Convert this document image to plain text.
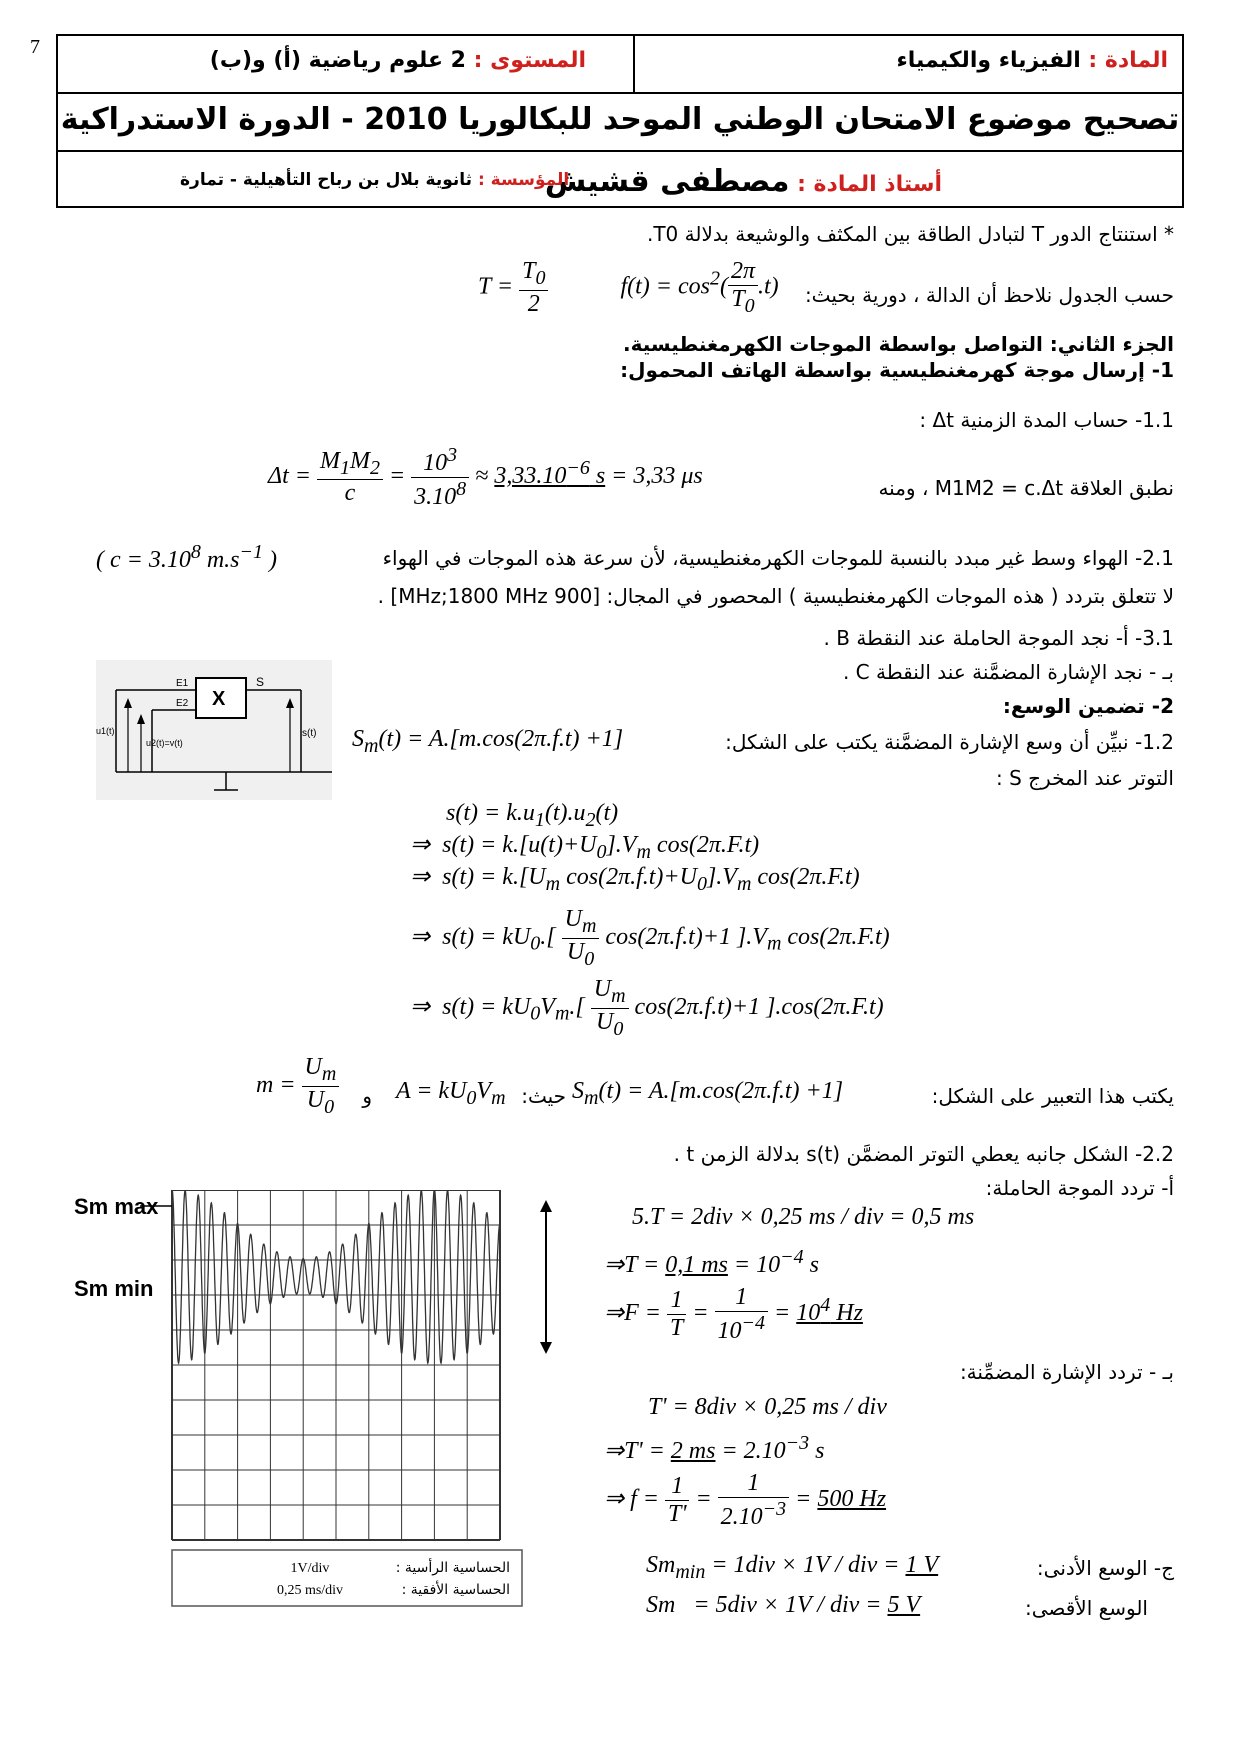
7
المادة : الفيزياء والكيمياء
المستوى : 2 علوم رياضية (أ) و(ب)
تصحيح موضوع الامتحان الوطني الموحد للبكالوريا 2010 - الدورة الاستدراكية
أستاذ المادة : مصطفى قشيش
المؤسسة : ثانوية بلال بن رباح التأهيلية - تمارة
* استنتاج الدور T لتبادل الطاقة بين المكثف والوشيعة بدلالة T0.
حسب الجدول نلاحظ أن الدالة ، دورية بحيث:
$T = \frac{T_0}{2} f(t) = \cos^2( \frac{2\pi}{T_0} .t)$
الجزء الثاني: التواصل بواسطة الموجات الكهرمغنطيسية.
1- إرسال موجة كهرمغنطيسية بواسطة الهاتف المحمول:
1.1- حساب المدة الزمنية Δt :
نطبق العلاقة M1M2 = c.Δt ، ومنه
$\Delta t = \frac{M_1M_2}{c} = \frac{10^3}{3.10^8} \approx 3,33.10^{-6}$ s = 3,33 μs
2.1- الهواء وسط غير مبدد بالنسبة للموجات الكهرمغنطيسية، لأن سرعة هذه الموجات في الهواء
( $c = 3.10^8$ $m.s^{-1}$ )
لا تتعلق بتردد ( هذه الموجات الكهرمغنطيسية ) المحصور في المجال: [900 MHz;1800 MHz] .
3.1- أ- نجد الموجة الحاملة عند النقطة B .
بـ - نجد الإشارة المضمَّنة عند النقطة C .
2- تضمين الوسع:
1.2- نبيِّن أن وسع الإشارة المضمَّنة يكتب على الشكل:
$S_m(t) = A.[m.\cos(2\pi.f.t) +1]$
التوتر عند المخرج S :
E1
E2 X
S
u1(t)
u2(t)=v(t)
s(t)
$s(t) = k.u_1(t).u_2(t)$
⇒  $s(t) = k.[u(t)+U_0].V_m$ cos(2π.F.t)
⇒  $s(t) = k.[U_m$ $\cos(2\pi.f.t)+U_0].V_m$ cos(2π.F.t)
⇒  $s(t) = kU_0.[ \frac{U_m}{U_0} \cos(2\pi.f.t)+1$ ]$.V_m$ cos(2π.F.t)
⇒  $s(t) = kU_0V_m.[ \frac{U_m}{U_0} \cos(2\pi.f.t)+1$ ].cos(2π.F.t)
يكتب هذا التعبير على الشكل:
$S_m(t) = A.[m.\cos(2\pi.f.t) +1]$
حيث:
$A = kU_0V_m$
و
$m = \frac{U_m}{U_0}$
2.2- الشكل جانبه يعطي التوتر المضمَّن s(t) بدلالة الزمن t .
أ- تردد الموجة الحاملة:
5.T = 2div × 0,25 ms / div = 0,5 ms
⇒T = 0,1 ms = $10^{-4}$ s
⇒F = $\frac{1}{T} = \frac{1}{10^{-4}} = 10^4$ Hz
بـ - تردد الإشارة المضمِّنة:
T' = 8div × 0,25 ms / div
⇒T' = 2 ms = $2.10^{-3}$ s
⇒ $f = \frac{1}{T'} = \frac{1}{2.10^{-3}} = 500$ Hz
ج- الوسع الأدنى:
$Sm_{min} = 1div \times 1V$ / div = 1 V
الوسع الأقصى:
Sm   = 5div × 1V / div = 5 V
Sm max
Sm min
الحساسية الرأسية :
1V/div
الحساسية الأفقية :
0,25 ms/div
